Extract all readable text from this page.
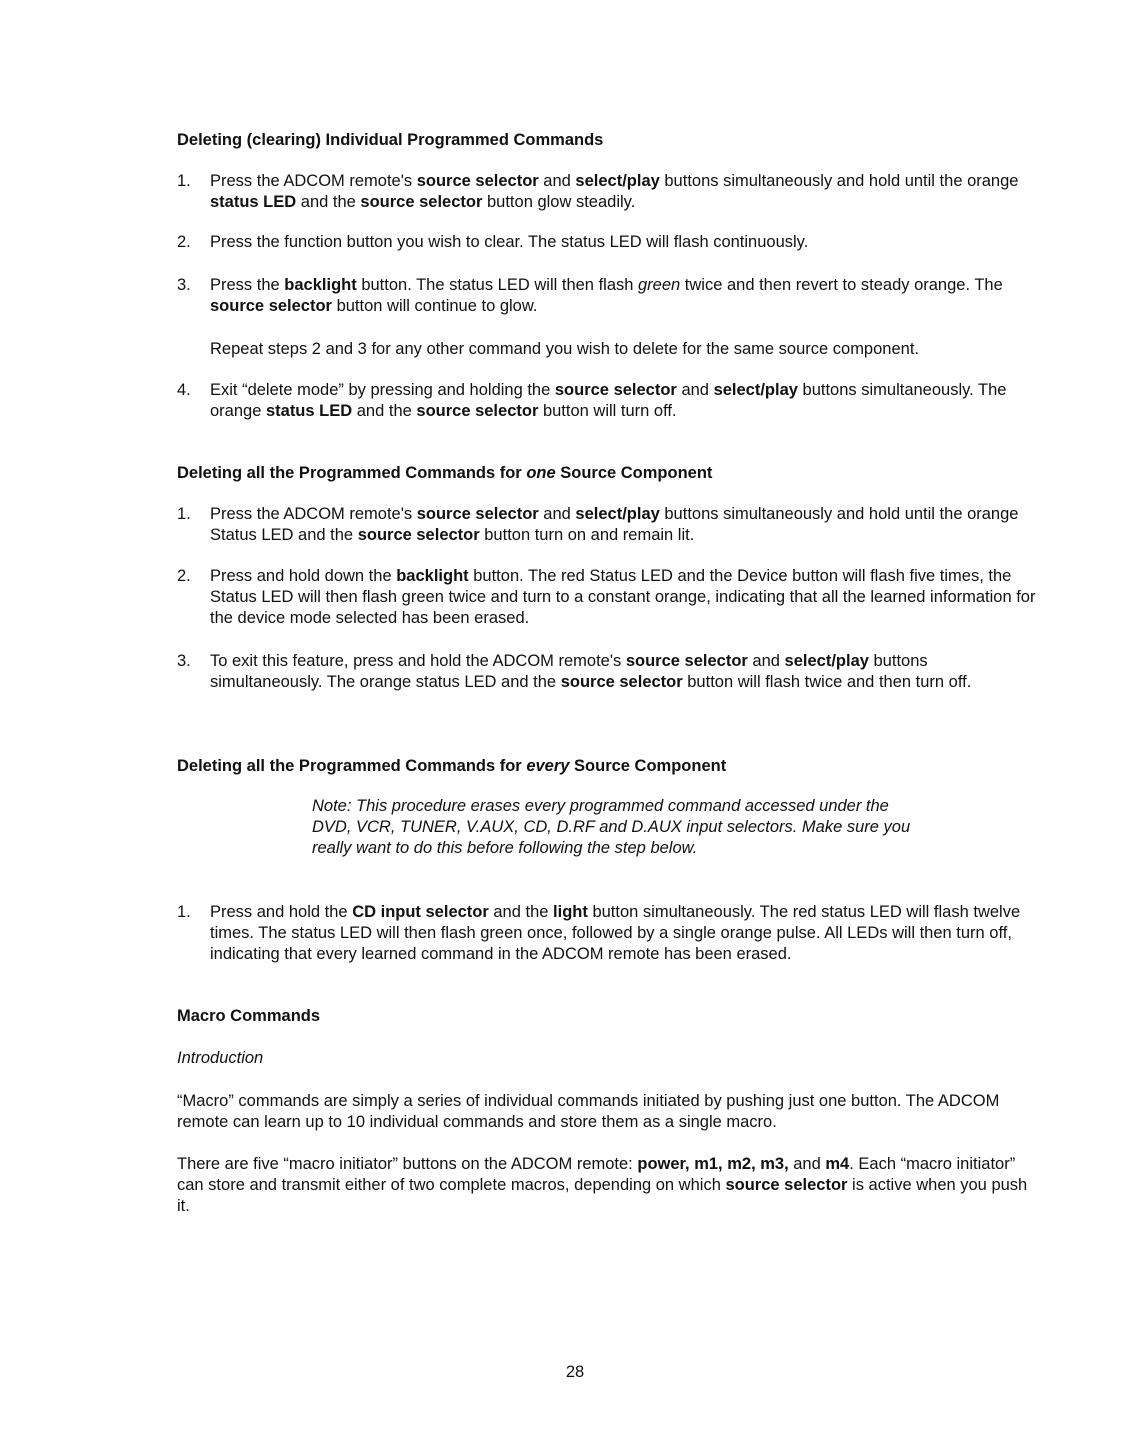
Deleting (clearing) Individual Programmed Commands
1. Press the ADCOM remote's source selector and select/play buttons simultaneously and hold until the orange status LED and the source selector button glow steadily.
2. Press the function button you wish to clear. The status LED will flash continuously.
3. Press the backlight button. The status LED will then flash green twice and then revert to steady orange. The source selector button will continue to glow.
Repeat steps 2 and 3 for any other command you wish to delete for the same source component.
4. Exit “delete mode” by pressing and holding the source selector and select/play buttons simultaneously. The orange status LED and the source selector button will turn off.
Deleting all the Programmed Commands for one Source Component
1. Press the ADCOM remote's source selector and select/play buttons simultaneously and hold until the orange Status LED and the source selector button turn on and remain lit.
2. Press and hold down the backlight button. The red Status LED and the Device button will flash five times, the Status LED will then flash green twice and turn to a constant orange, indicating that all the learned information for the device mode selected has been erased.
3. To exit this feature, press and hold the ADCOM remote's source selector and select/play buttons simultaneously. The orange status LED and the source selector button will flash twice and then turn off.
Deleting all the Programmed Commands for every Source Component
Note: This procedure erases every programmed command accessed under the DVD, VCR, TUNER, V.AUX, CD, D.RF and D.AUX input selectors. Make sure you really want to do this before following the step below.
1. Press and hold the CD input selector and the light button simultaneously. The red status LED will flash twelve times. The status LED will then flash green once, followed by a single orange pulse. All LEDs will then turn off, indicating that every learned command in the ADCOM remote has been erased.
Macro Commands
Introduction
“Macro” commands are simply a series of individual commands initiated by pushing just one button. The ADCOM remote can learn up to 10 individual commands and store them as a single macro.
There are five “macro initiator” buttons on the ADCOM remote: power, m1, m2, m3, and m4. Each “macro initiator” can store and transmit either of two complete macros, depending on which source selector is active when you push it.
28
